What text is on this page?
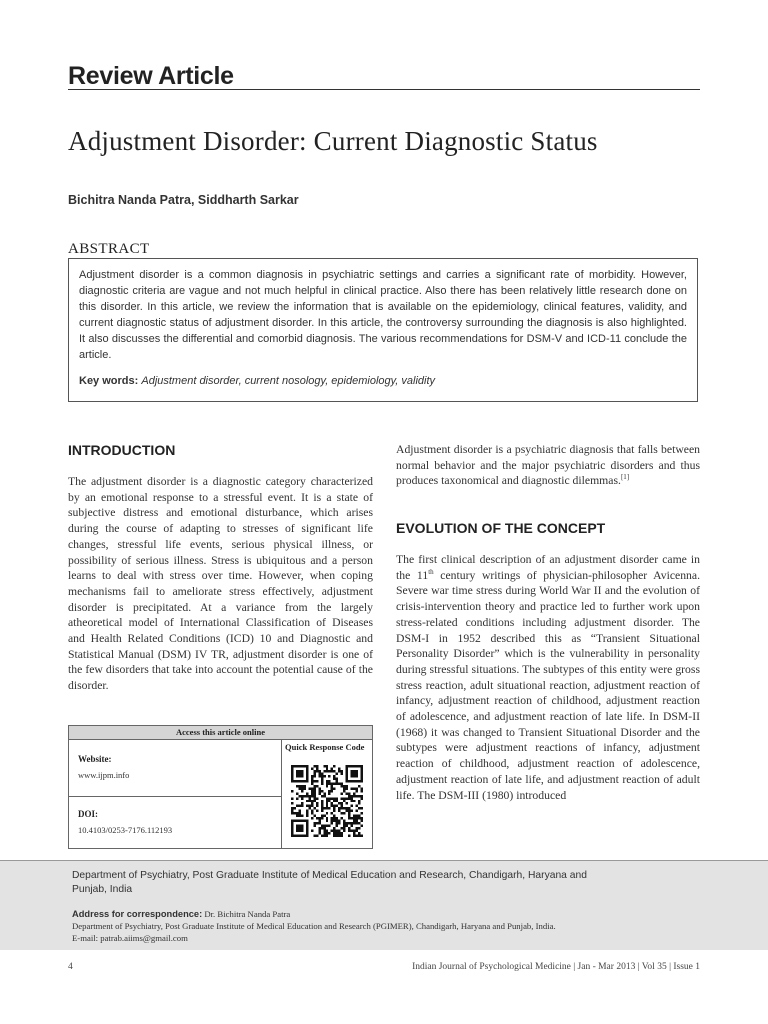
Review Article
Adjustment Disorder: Current Diagnostic Status
Bichitra Nanda Patra, Siddharth Sarkar
ABSTRACT

Adjustment disorder is a common diagnosis in psychiatric settings and carries a significant rate of morbidity. However, diagnostic criteria are vague and not much helpful in clinical practice. Also there has been relatively little research done on this disorder. In this article, we review the information that is available on the epidemiology, clinical features, validity, and current diagnostic status of adjustment disorder. In this article, the controversy surrounding the diagnosis is also highlighted. It also discusses the differential and comorbid diagnosis. The various recommendations for DSM-V and ICD-11 conclude the article.

Key words: Adjustment disorder, current nosology, epidemiology, validity
INTRODUCTION

The adjustment disorder is a diagnostic category characterized by an emotional response to a stressful event. It is a state of subjective distress and emotional disturbance, which arises during the course of adapting to stresses of significant life changes, stressful life events, serious physical illness, or possibility of serious illness. Stress is ubiquitous and a person learns to deal with stress over time. However, when coping mechanisms fail to ameliorate stress effectively, adjustment disorder is precipitated. At a variance from the largely atheoretical model of International Classification of Diseases and Health Related Conditions (ICD) 10 and Diagnostic and Statistical Manual (DSM) IV TR, adjustment disorder is one of the few disorders that take into account the potential cause of the disorder.

Adjustment disorder is a psychiatric diagnosis that falls between normal behavior and the major psychiatric disorders and thus produces taxonomical and diagnostic dilemmas.[1]

EVOLUTION OF THE CONCEPT

The first clinical description of an adjustment disorder came in the 11th century writings of physician-philosopher Avicenna. Severe war time stress during World War II and the evolution of crisis-intervention theory and practice led to further work upon stress-related conditions including adjustment disorder. The DSM-I in 1952 described this as “Transient Situational Personality Disorder” which is the vulnerability in personality during stressful situations. The subtypes of this entity were gross stress reaction, adult situational reaction, adjustment reaction of infancy, adjustment reaction of childhood, adjustment reaction of adolescence, and adjustment reaction of late life. In DSM-II (1968) it was changed to Transient Situational Disorder and the subtypes were adjustment reactions of infancy, adjustment reaction of childhood, adjustment reaction of adolescence, adjustment reaction of late life, and adjustment reaction of adult life. The DSM-III (1980) introduced

Access this article online
Quick Response Code
Website:
www.ijpm.info
DOI:
10.4103/0253-7176.112193

Department of Psychiatry, Post Graduate Institute of Medical Education and Research, Chandigarh, Haryana and Punjab, India

Address for correspondence: Dr. Bichitra Nanda Patra
Department of Psychiatry, Post Graduate Institute of Medical Education and Research (PGIMER), Chandigarh, Haryana and Punjab, India.
E-mail: patrab.aiims@gmail.com
4	Indian Journal of Psychological Medicine | Jan - Mar 2013 | Vol 35 | Issue 1
